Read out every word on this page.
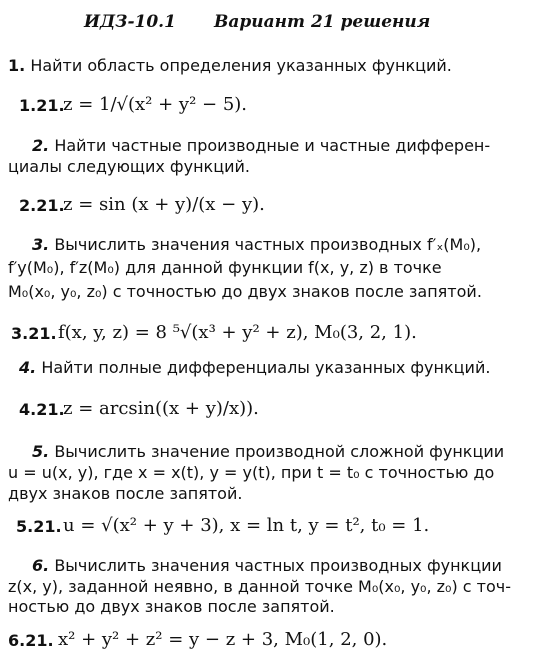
ИДЗ-10.1 Вариант 21 решения
1. Найти область определения указанных функций.
1.21.
z = 1/√(x² + y² − 5).
2. Найти частные производные и частные дифферен-
циалы следующих функций.
2.21.
z = sin (x + y)/(x − y).
3. Вычислить значения частных производных f′ₓ(M₀),
f′y(M₀), f′z(M₀) для данной функции f(x, y, z) в точке
M₀(x₀, y₀, z₀) с точностью до двух знаков после запятой.
3.21. f(x, y, z) = 8 ⁵√(x³ + y² + z), M₀(3, 2, 1).
4. Найти полные дифференциалы указанных функций.
4.21.
z = arcsin((x + y)/x)).
5. Вычислить значение производной сложной функции
u = u(x, y), где x = x(t), y = y(t), при t = t₀ с точностью до
двух знаков после запятой.
5.21. u = √(x² + y + 3), x = ln t, y = t², t₀ = 1.
6. Вычислить значения частных производных функции
z(x, y), заданной неявно, в данной точке M₀(x₀, y₀, z₀) с точ-
ностью до двух знаков после запятой.
6.21. x² + y² + z² = y − z + 3, M₀(1, 2, 0).
